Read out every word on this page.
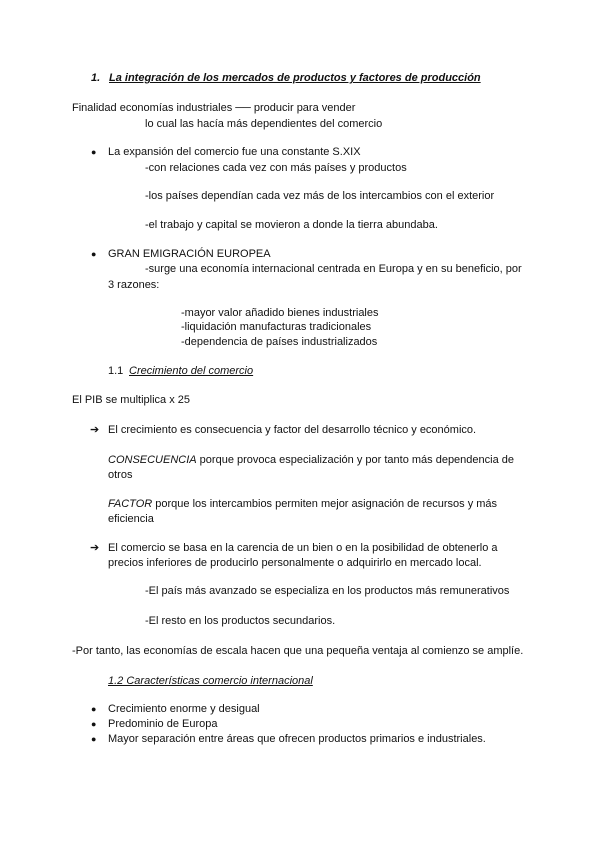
1. La integración de los mercados de productos y factores de producción
Finalidad economías industriales ── producir para vender
lo cual las hacía más dependientes del comercio
● La expansión del comercio fue una constante S.XIX
-con relaciones cada vez con más países y productos
-los países dependían cada vez más de los intercambios con el exterior
-el trabajo y capital se movieron a donde la tierra abundaba.
● GRAN EMIGRACIÓN EUROPEA
-surge una economía internacional centrada en Europa y en su beneficio, por
3 razones:
-mayor valor añadido bienes industriales
-liquidación manufacturas tradicionales
-dependencia de países industrializados
1.1 Crecimiento del comercio
El PIB se multiplica x 25
➔ El crecimiento es consecuencia y factor del desarrollo técnico y económico.
CONSECUENCIA porque provoca especialización y por tanto más dependencia de
otros
FACTOR porque los intercambios permiten mejor asignación de recursos y más
eficiencia
➔ El comercio se basa en la carencia de un bien o en la posibilidad de obtenerlo a
precios inferiores de producirlo personalmente o adquirirlo en mercado local.
-El país más avanzado se especializa en los productos más remunerativos
-El resto en los productos secundarios.
-Por tanto, las economías de escala hacen que una pequeña ventaja al comienzo se amplíe.
1.2 Características comercio internacional
● Crecimiento enorme y desigual
● Predominio de Europa
● Mayor separación entre áreas que ofrecen productos primarios e industriales.
